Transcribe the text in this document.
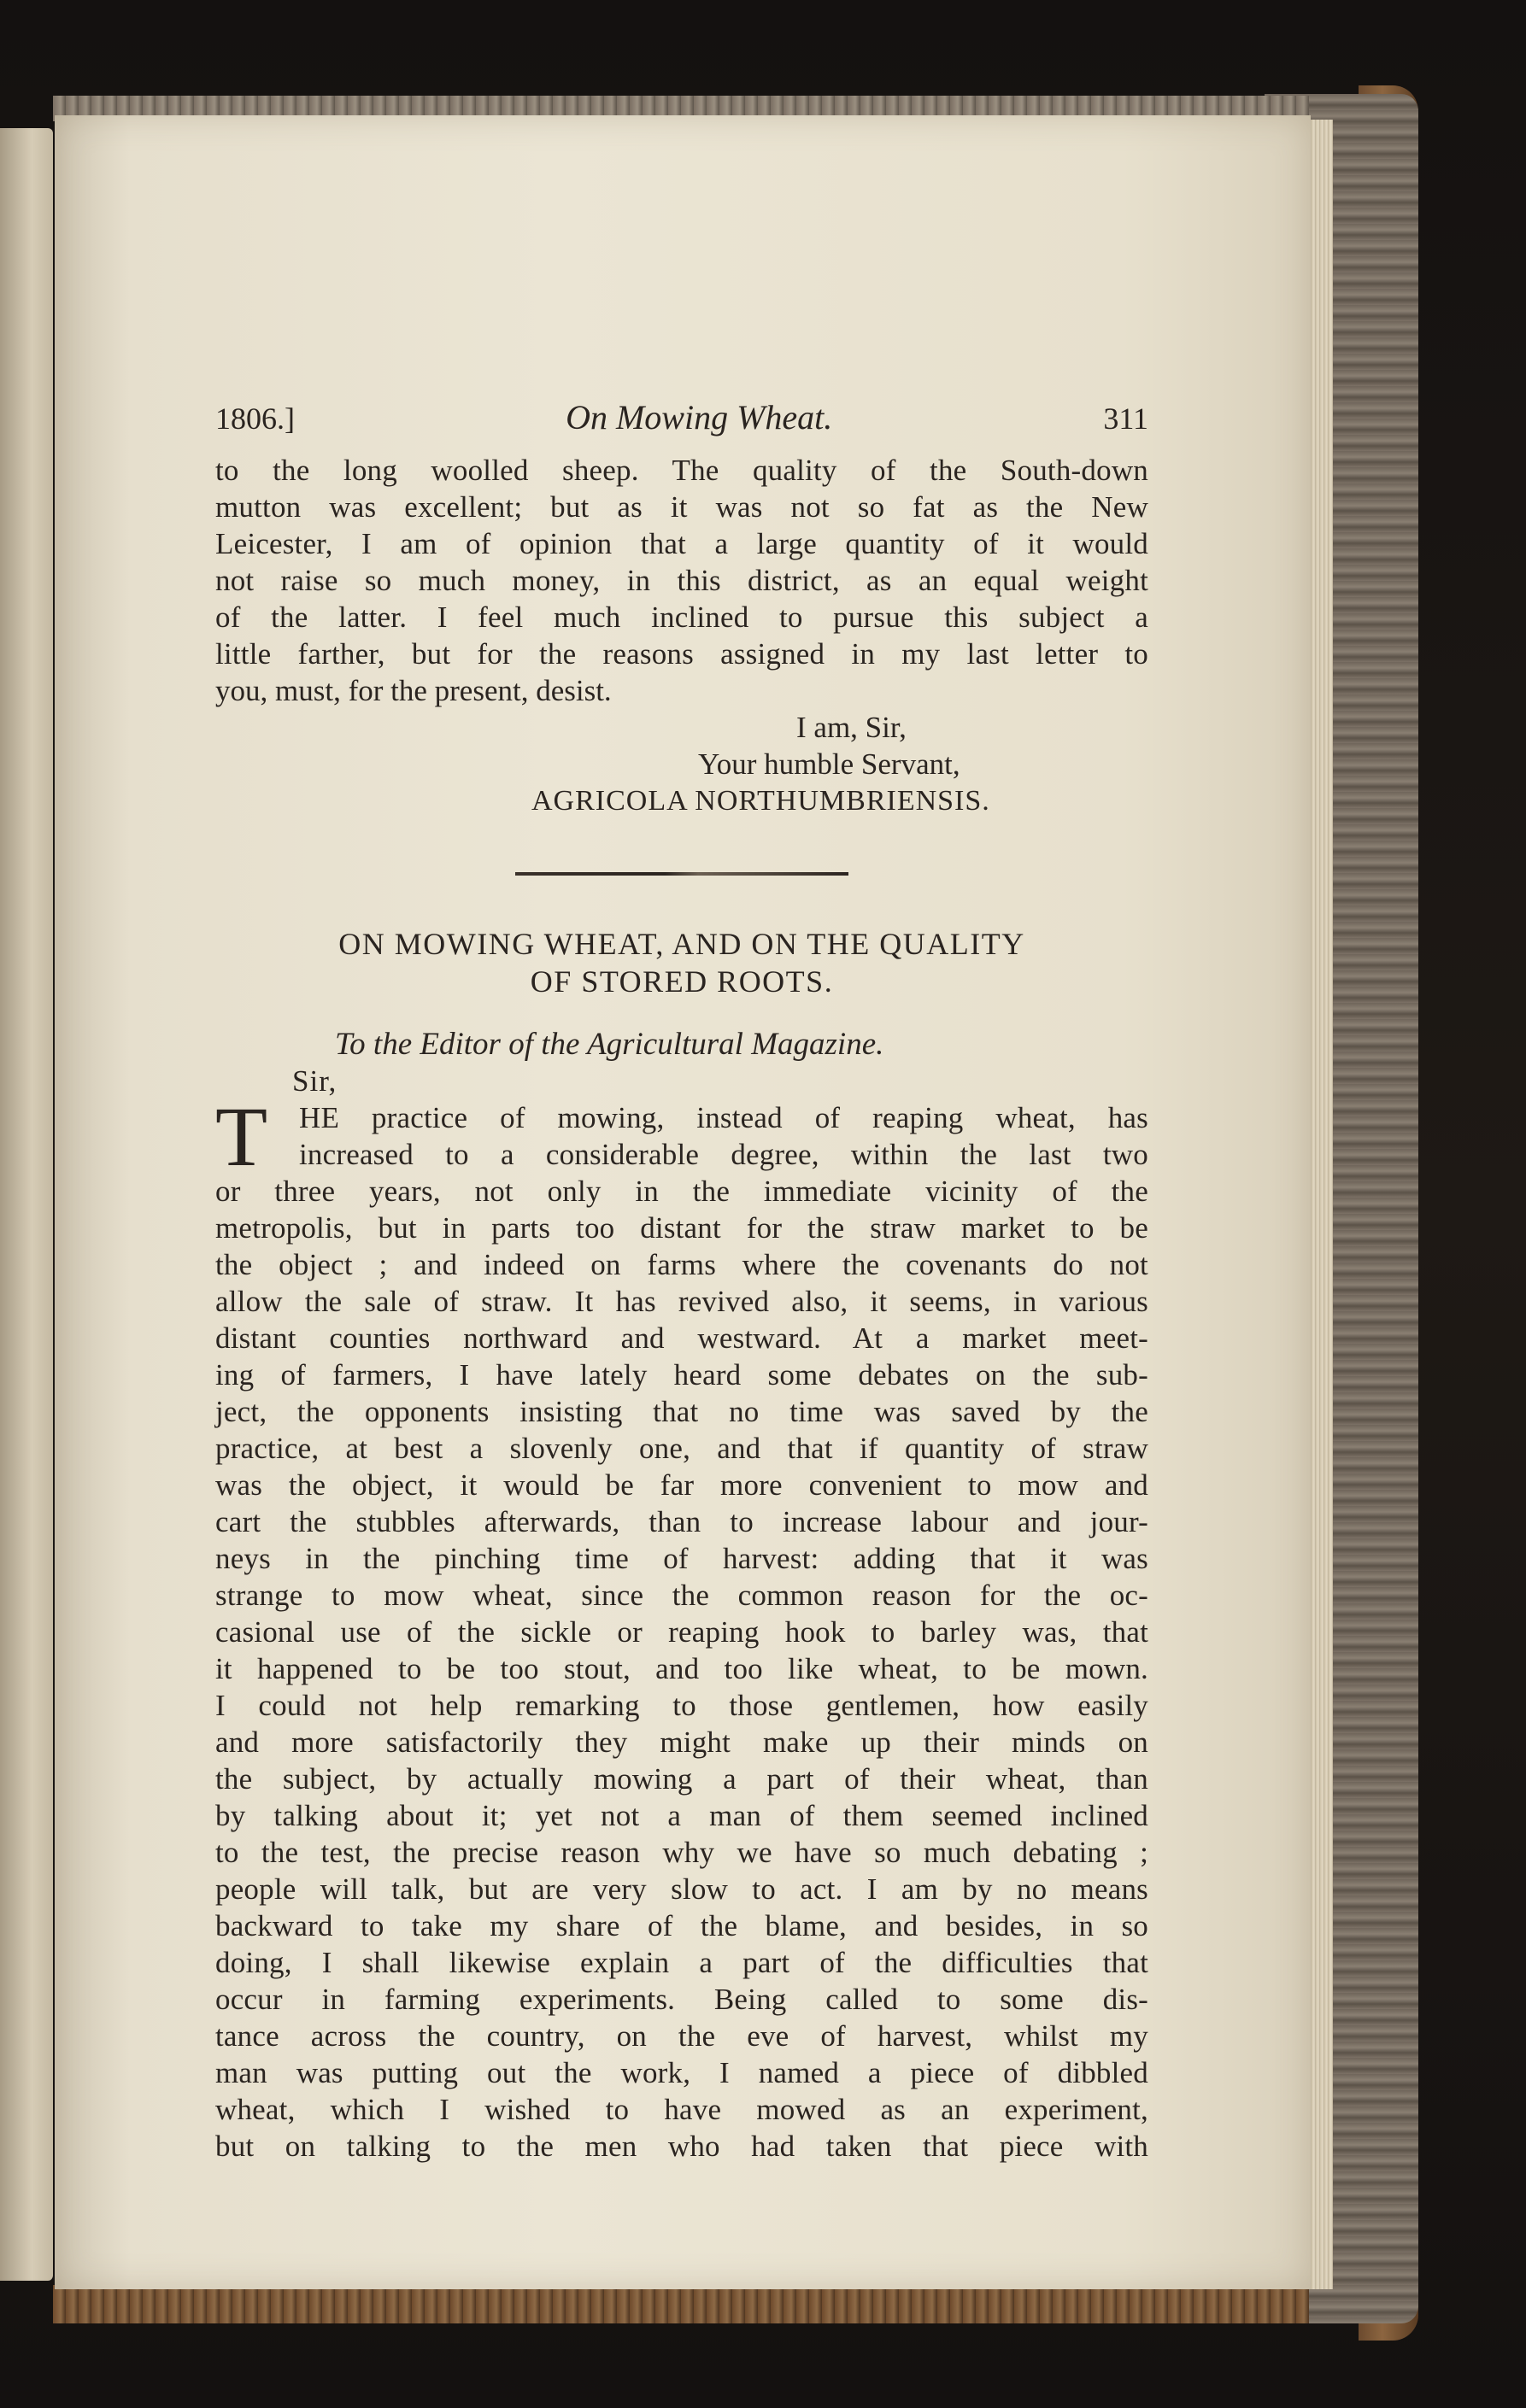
1806.]	On Mowing Wheat.	311
to the long woolled sheep. The quality of the South-down
mutton was excellent; but as it was not so fat as the New
Leicester, I am of opinion that a large quantity of it would
not raise so much money, in this district, as an equal weight
of the latter. I feel much inclined to pursue this subject a
little farther, but for the reasons assigned in my last letter to
you, must, for the present, desist.
I am, Sir,
Your humble Servant,
AGRICOLA NORTHUMBRIENSIS.
ON MOWING WHEAT, AND ON THE QUALITY
OF STORED ROOTS.
To the Editor of the Agricultural Magazine.
Sir,
T	HE practice of mowing, instead of reaping wheat, has
increased to a considerable degree, within the last two
or three years, not only in the immediate vicinity of the
metropolis, but in parts too distant for the straw market to be
the object ; and indeed on farms where the covenants do not
allow the sale of straw. It has revived also, it seems, in various
distant counties northward and westward. At a market meet-
ing of farmers, I have lately heard some debates on the sub-
ject, the opponents insisting that no time was saved by the
practice, at best a slovenly one, and that if quantity of straw
was the object, it would be far more convenient to mow and
cart the stubbles afterwards, than to increase labour and jour-
neys in the pinching time of harvest: adding that it was
strange to mow wheat, since the common reason for the oc-
casional use of the sickle or reaping hook to barley was, that
it happened to be too stout, and too like wheat, to be mown.
I could not help remarking to those gentlemen, how easily
and more satisfactorily they might make up their minds on
the subject, by actually mowing a part of their wheat, than
by talking about it; yet not a man of them seemed inclined
to the test, the precise reason why we have so much debating ;
people will talk, but are very slow to act. I am by no means
backward to take my share of the blame, and besides, in so
doing, I shall likewise explain a part of the difficulties that
occur in farming experiments. Being called to some dis-
tance across the country, on the eve of harvest, whilst my
man was putting out the work, I named a piece of dibbled
wheat, which I wished to have mowed as an experiment,
but on talking to the men who had taken that piece with
